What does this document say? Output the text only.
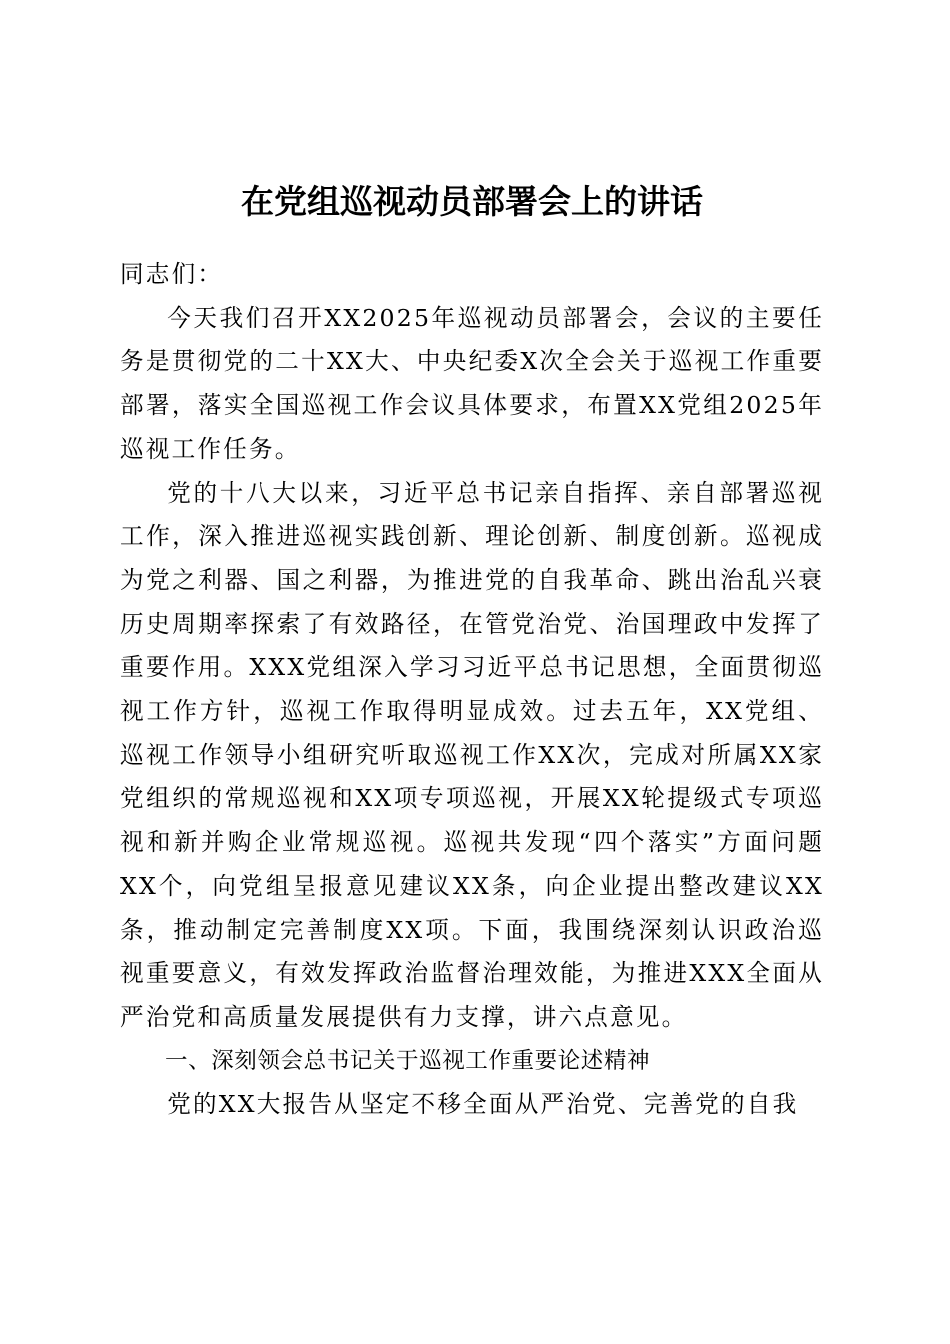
在党组巡视动员部署会上的讲话

同志们：

今天我们召开XX2025年巡视动员部署会，会议的主要任务是贯彻党的二十XX大、中央纪委X次全会关于巡视工作重要部署，落实全国巡视工作会议具体要求，布置XX党组2025年巡视工作任务。

党的十八大以来，习近平总书记亲自指挥、亲自部署巡视工作，深入推进巡视实践创新、理论创新、制度创新。巡视成为党之利器、国之利器，为推进党的自我革命、跳出治乱兴衰历史周期率探索了有效路径，在管党治党、治国理政中发挥了重要作用。XXX党组深入学习习近平总书记思想，全面贯彻巡视工作方针，巡视工作取得明显成效。过去五年，XX党组、巡视工作领导小组研究听取巡视工作XX次，完成对所属XX家党组织的常规巡视和XX项专项巡视，开展XX轮提级式专项巡视和新并购企业常规巡视。巡视共发现“四个落实”方面问题XX个，向党组呈报意见建议XX条，向企业提出整改建议XX条，推动制定完善制度XX项。下面，我围绕深刻认识政治巡视重要意义，有效发挥政治监督治理效能，为推进XXX全面从严治党和高质量发展提供有力支撑，讲六点意见。

一、深刻领会总书记关于巡视工作重要论述精神

党的XX大报告从坚定不移全面从严治党、完善党的自我
